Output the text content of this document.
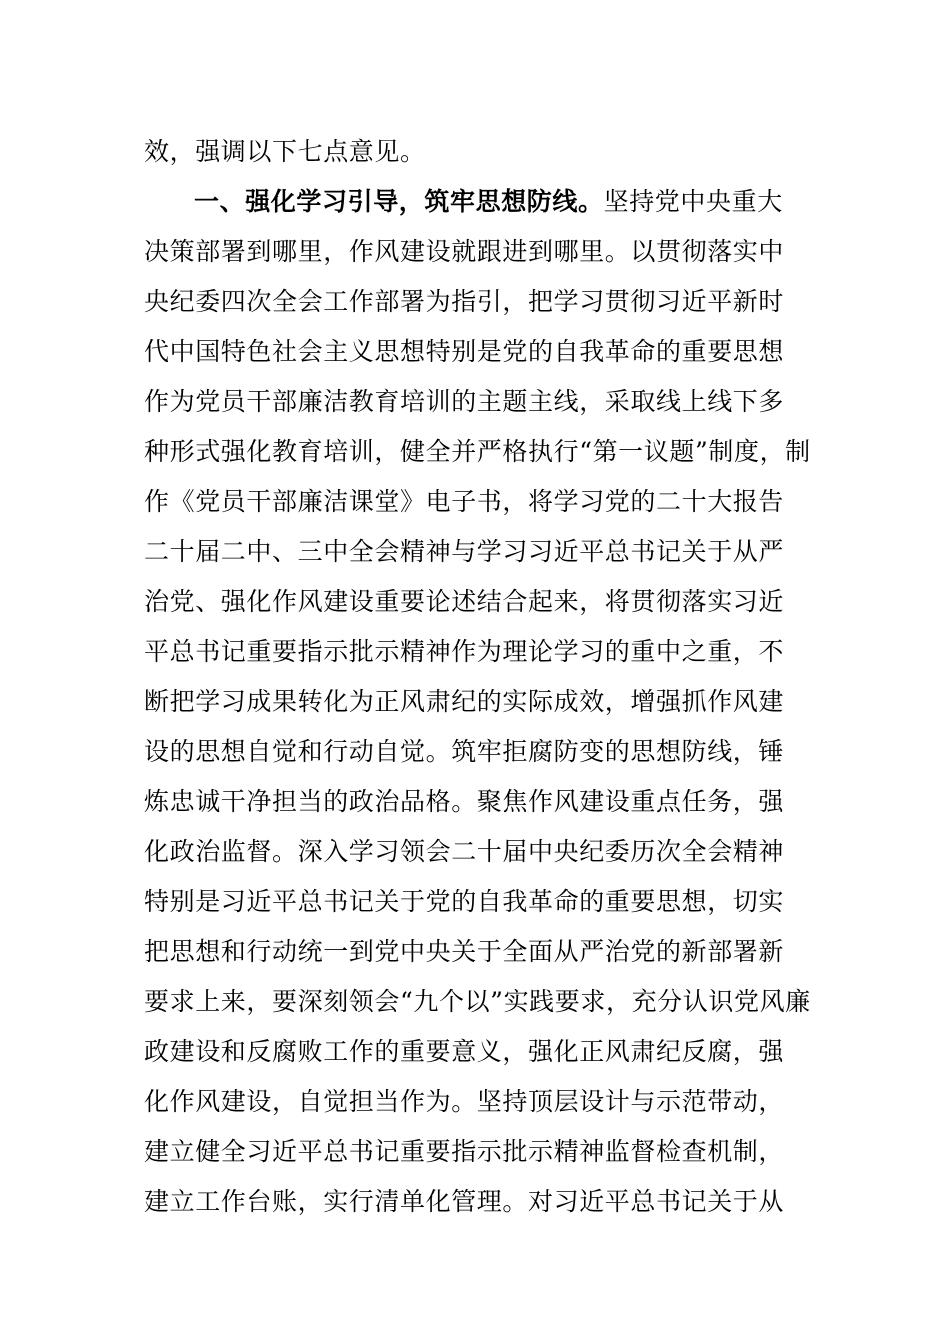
效，强调以下七点意见。
一、强化学习引导，筑牢思想防线。坚持党中央重大
决策部署到哪里，作风建设就跟进到哪里。以贯彻落实中
央纪委四次全会工作部署为指引，把学习贯彻习近平新时
代中国特色社会主义思想特别是党的自我革命的重要思想
作为党员干部廉洁教育培训的主题主线，采取线上线下多
种形式强化教育培训，健全并严格执行“第一议题”制度，制
作《党员干部廉洁课堂》电子书，将学习党的二十大报告
二十届二中、三中全会精神与学习习近平总书记关于从严
治党、强化作风建设重要论述结合起来，将贯彻落实习近
平总书记重要指示批示精神作为理论学习的重中之重，不
断把学习成果转化为正风肃纪的实际成效，增强抓作风建
设的思想自觉和行动自觉。筑牢拒腐防变的思想防线，锤
炼忠诚干净担当的政治品格。聚焦作风建设重点任务，强
化政治监督。深入学习领会二十届中央纪委历次全会精神
特别是习近平总书记关于党的自我革命的重要思想，切实
把思想和行动统一到党中央关于全面从严治党的新部署新
要求上来，要深刻领会“九个以”实践要求，充分认识党风廉
政建设和反腐败工作的重要意义，强化正风肃纪反腐，强
化作风建设，自觉担当作为。坚持顶层设计与示范带动，
建立健全习近平总书记重要指示批示精神监督检查机制，
建立工作台账，实行清单化管理。对习近平总书记关于从
